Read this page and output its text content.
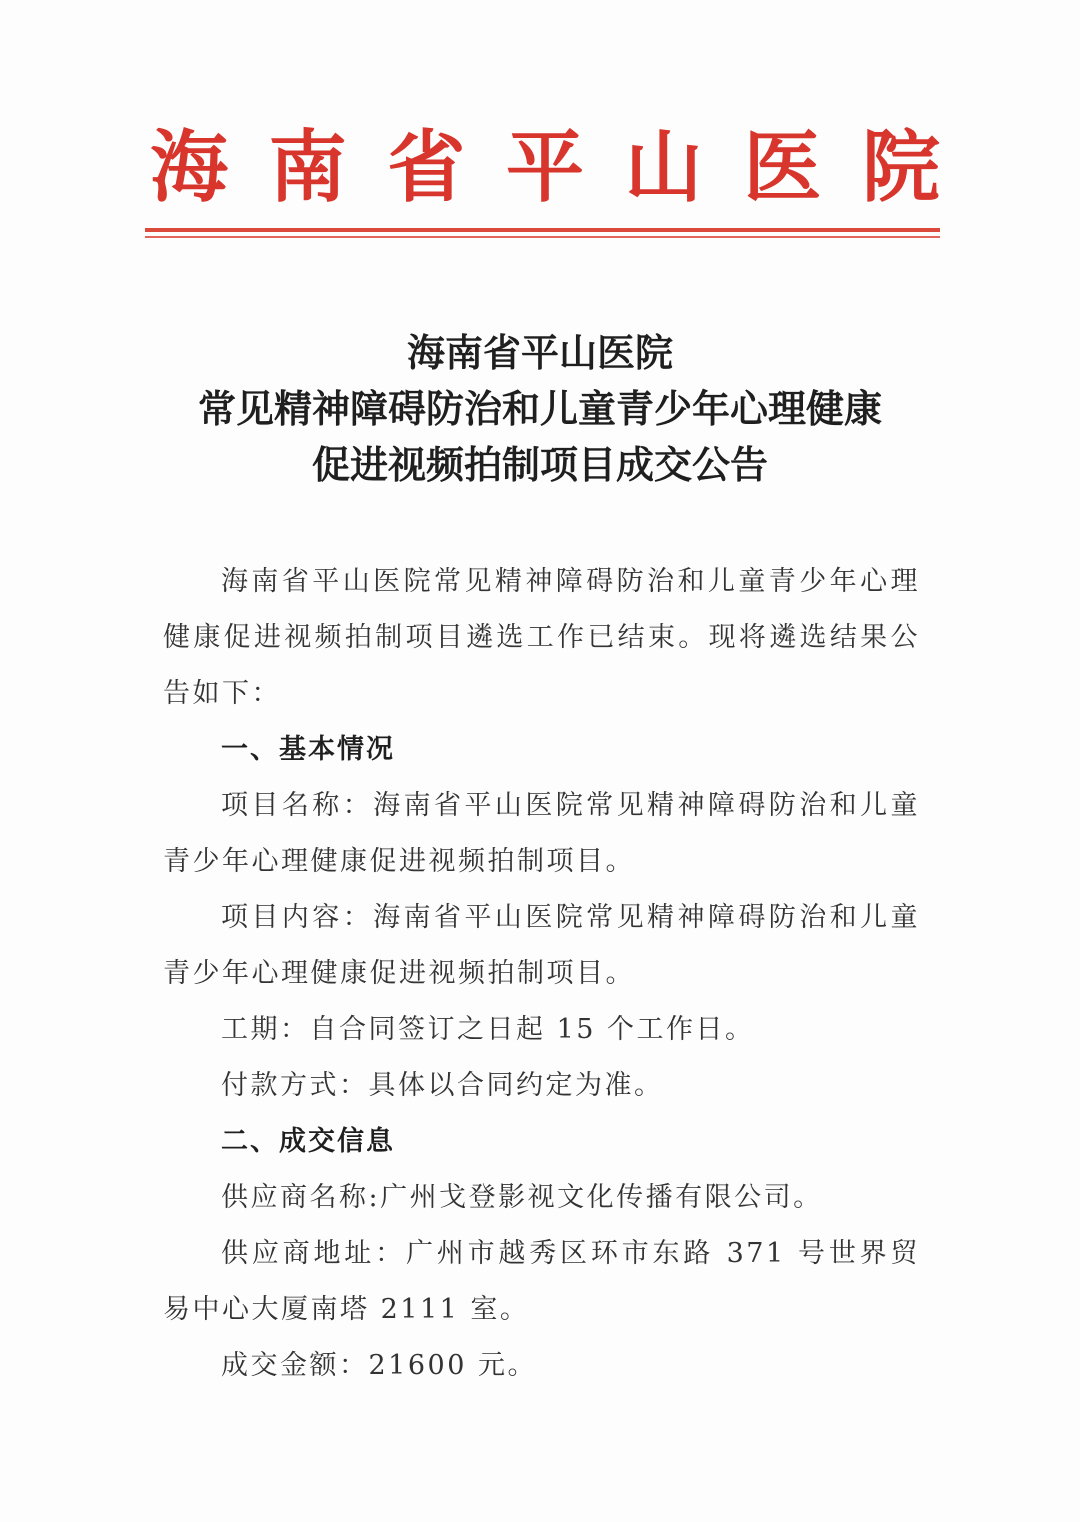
海 南 省 平 山 医 院
海南省平山医院
常见精神障碍防治和儿童青少年心理健康
促进视频拍制项目成交公告

海南省平山医院常见精神障碍防治和儿童青少年心理健康促进视频拍制项目遴选工作已结束。现将遴选结果公告如下：

一、基本情况

项目名称：海南省平山医院常见精神障碍防治和儿童青少年心理健康促进视频拍制项目。

项目内容：海南省平山医院常见精神障碍防治和儿童青少年心理健康促进视频拍制项目。

工期：自合同签订之日起 15 个工作日。

付款方式：具体以合同约定为准。

二、成交信息

供应商名称:广州戈登影视文化传播有限公司。

供应商地址：广州市越秀区环市东路 371 号世界贸易中心大厦南塔 2111 室。

成交金额：21600 元。
